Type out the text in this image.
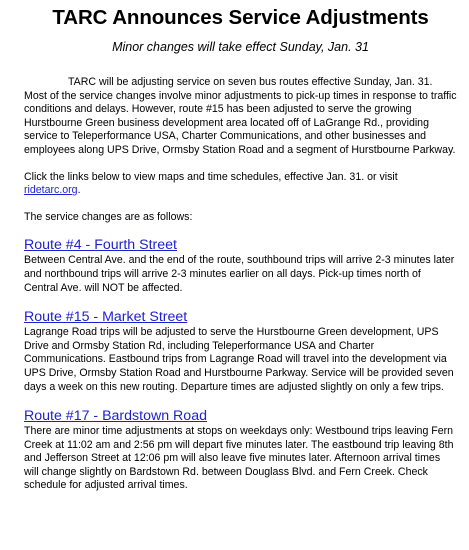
TARC Announces Service Adjustments

Minor changes will take effect Sunday, Jan. 31

TARC will be adjusting service on seven bus routes effective Sunday, Jan. 31. Most of the service changes involve minor adjustments to pick-up times in response to traffic conditions and delays. However, route #15 has been adjusted to serve the growing Hurstbourne Green business development area located off of LaGrange Rd., providing service to Teleperformance USA, Charter Communications, and other businesses and employees along UPS Drive, Ormsby Station Road and a segment of Hurstbourne Parkway.

Click the links below to view maps and time schedules, effective Jan. 31. or visit ridetarc.org.

The service changes are as follows:

Route #4 - Fourth Street

Between Central Ave. and the end of the route, southbound trips will arrive 2-3 minutes later and northbound trips will arrive 2-3 minutes earlier on all days. Pick-up times north of Central Ave. will NOT be affected.

Route #15 - Market Street

Lagrange Road trips will be adjusted to serve the Hurstbourne Green development, UPS Drive and Ormsby Station Rd, including Teleperformance USA and Charter Communications. Eastbound trips from Lagrange Road will travel into the development via UPS Drive, Ormsby Station Road and Hurstbourne Parkway. Service will be provided seven days a week on this new routing. Departure times are adjusted slightly on only a few trips.

Route #17 - Bardstown Road

There are minor time adjustments at stops on weekdays only: Westbound trips leaving Fern Creek at 11:02 am and 2:56 pm will depart five minutes later. The eastbound trip leaving 8th and Jefferson Street at 12:06 pm will also leave five minutes later. Afternoon arrival times will change slightly on Bardstown Rd. between Douglass Blvd. and Fern Creek. Check schedule for adjusted arrival times.
